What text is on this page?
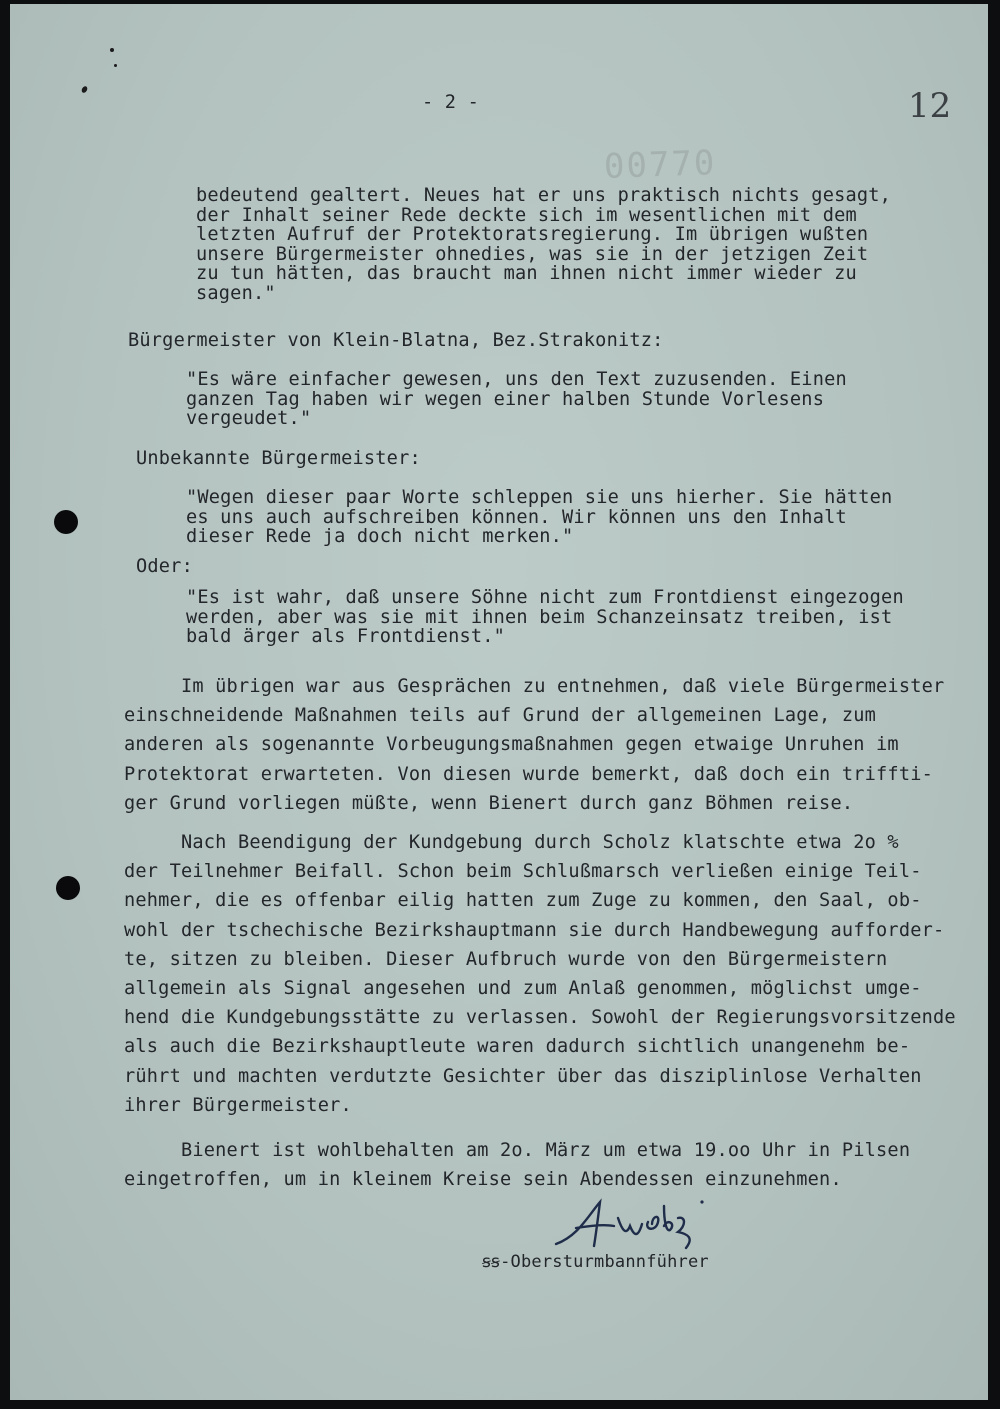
00770
- 2 -	12
bedeutend gealtert. Neues hat er uns praktisch nichts gesagt,
der Inhalt seiner Rede deckte sich im wesentlichen mit dem
letzten Aufruf der Protektoratsregierung. Im übrigen wußten
unsere Bürgermeister ohnedies, was sie in der jetzigen Zeit
zu tun hätten, das braucht man ihnen nicht immer wieder zu
sagen."
Bürgermeister von Klein-Blatna, Bez.Strakonitz:
"Es wäre einfacher gewesen, uns den Text zuzusenden. Einen
ganzen Tag haben wir wegen einer halben Stunde Vorlesens
vergeudet."
Unbekannte Bürgermeister:
"Wegen dieser paar Worte schleppen sie uns hierher. Sie hätten
es uns auch aufschreiben können. Wir können uns den Inhalt
dieser Rede ja doch nicht merken."
Oder:
"Es ist wahr, daß unsere Söhne nicht zum Frontdienst eingezogen
werden, aber was sie mit ihnen beim Schanzeinsatz treiben, ist
bald ärger als Frontdienst."
Im übrigen war aus Gesprächen zu entnehmen, daß viele Bürgermeister
einschneidende Maßnahmen teils auf Grund der allgemeinen Lage, zum
anderen als sogenannte Vorbeugungsmaßnahmen gegen etwaige Unruhen im
Protektorat erwarteten. Von diesen wurde bemerkt, daß doch ein triffti-
ger Grund vorliegen müßte, wenn Bienert durch ganz Böhmen reise.
Nach Beendigung der Kundgebung durch Scholz klatschte etwa 2o %
der Teilnehmer Beifall. Schon beim Schlußmarsch verließen einige Teil-
nehmer, die es offenbar eilig hatten zum Zuge zu kommen, den Saal, ob-
wohl der tschechische Bezirkshauptmann sie durch Handbewegung aufforder-
te, sitzen zu bleiben. Dieser Aufbruch wurde von den Bürgermeistern
allgemein als Signal angesehen und zum Anlaß genommen, möglichst umge-
hend die Kundgebungsstätte zu verlassen. Sowohl der Regierungsvorsitzende
als auch die Bezirkshauptleute waren dadurch sichtlich unangenehm be-
rührt und machten verdutzte Gesichter über das disziplinlose Verhalten
ihrer Bürgermeister.
Bienert ist wohlbehalten am 2o. März um etwa 19.oo Uhr in Pilsen
eingetroffen, um in kleinem Kreise sein Abendessen einzunehmen.
ꞩꞩ-Obersturmbannführer
